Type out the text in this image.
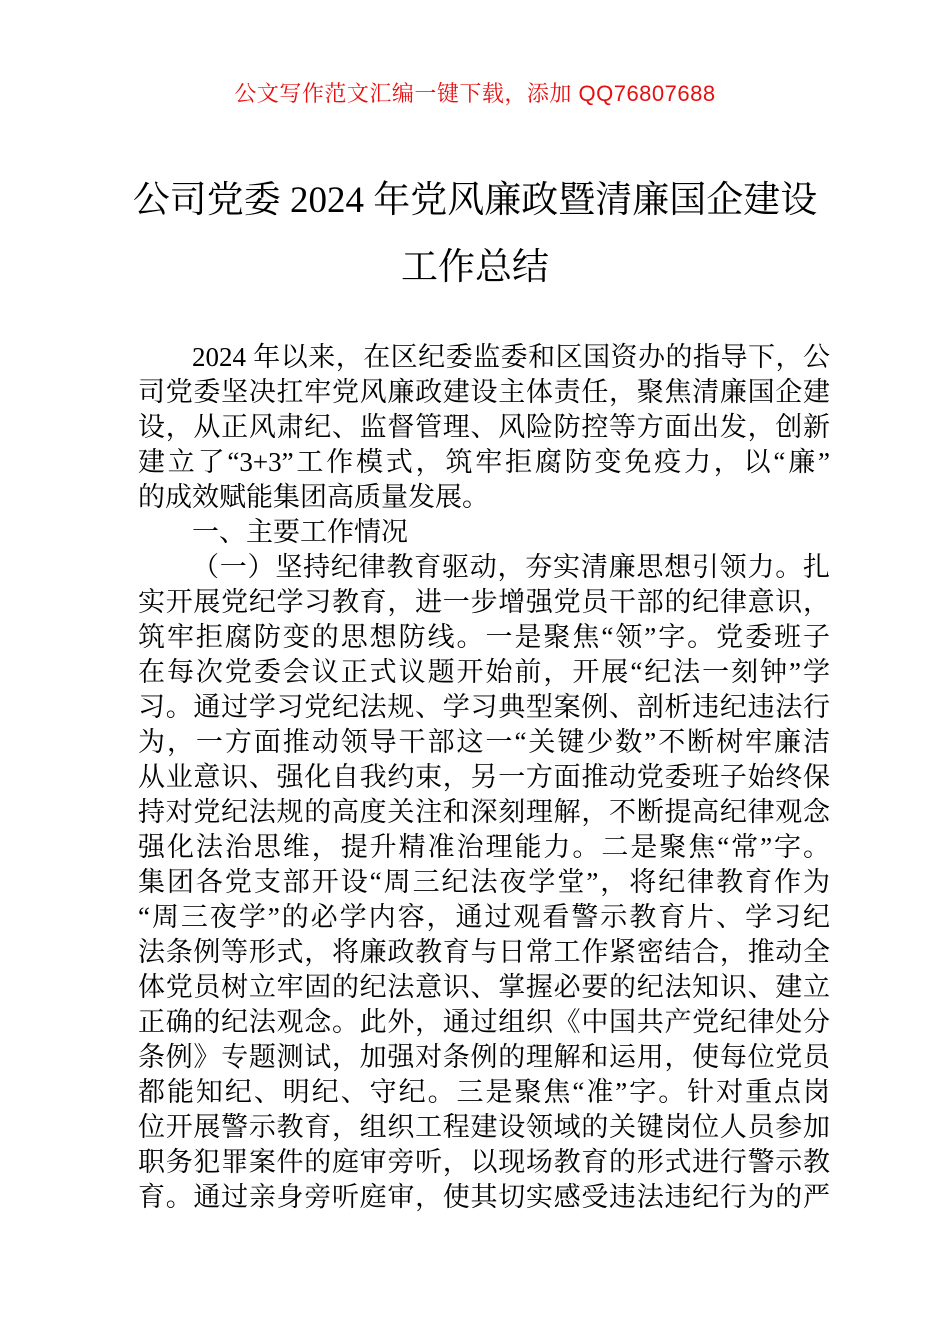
公文写作范文汇编一键下载，添加 QQ76807688
公司党委 2024 年党风廉政暨清廉国企建设
工作总结
2024 年以来，在区纪委监委和区国资办的指导下，公
司党委坚决扛牢党风廉政建设主体责任，聚焦清廉国企建
设，从正风肃纪、监督管理、风险防控等方面出发，创新
建立了“3+3”工作模式，筑牢拒腐防变免疫力，以“廉”
的成效赋能集团高质量发展。
一、主要工作情况
（一）坚持纪律教育驱动，夯实清廉思想引领力。扎
实开展党纪学习教育，进一步增强党员干部的纪律意识，
筑牢拒腐防变的思想防线。一是聚焦“领”字。党委班子
在每次党委会议正式议题开始前，开展“纪法一刻钟”学
习。通过学习党纪法规、学习典型案例、剖析违纪违法行
为，一方面推动领导干部这一“关键少数”不断树牢廉洁
从业意识、强化自我约束，另一方面推动党委班子始终保
持对党纪法规的高度关注和深刻理解，不断提高纪律观念
强化法治思维，提升精准治理能力。二是聚焦“常”字。
集团各党支部开设“周三纪法夜学堂”，将纪律教育作为
“周三夜学”的必学内容，通过观看警示教育片、学习纪
法条例等形式，将廉政教育与日常工作紧密结合，推动全
体党员树立牢固的纪法意识、掌握必要的纪法知识、建立
正确的纪法观念。此外，通过组织《中国共产党纪律处分
条例》专题测试，加强对条例的理解和运用，使每位党员
都能知纪、明纪、守纪。三是聚焦“准”字。针对重点岗
位开展警示教育，组织工程建设领域的关键岗位人员参加
职务犯罪案件的庭审旁听，以现场教育的形式进行警示教
育。通过亲身旁听庭审，使其切实感受违法违纪行为的严
